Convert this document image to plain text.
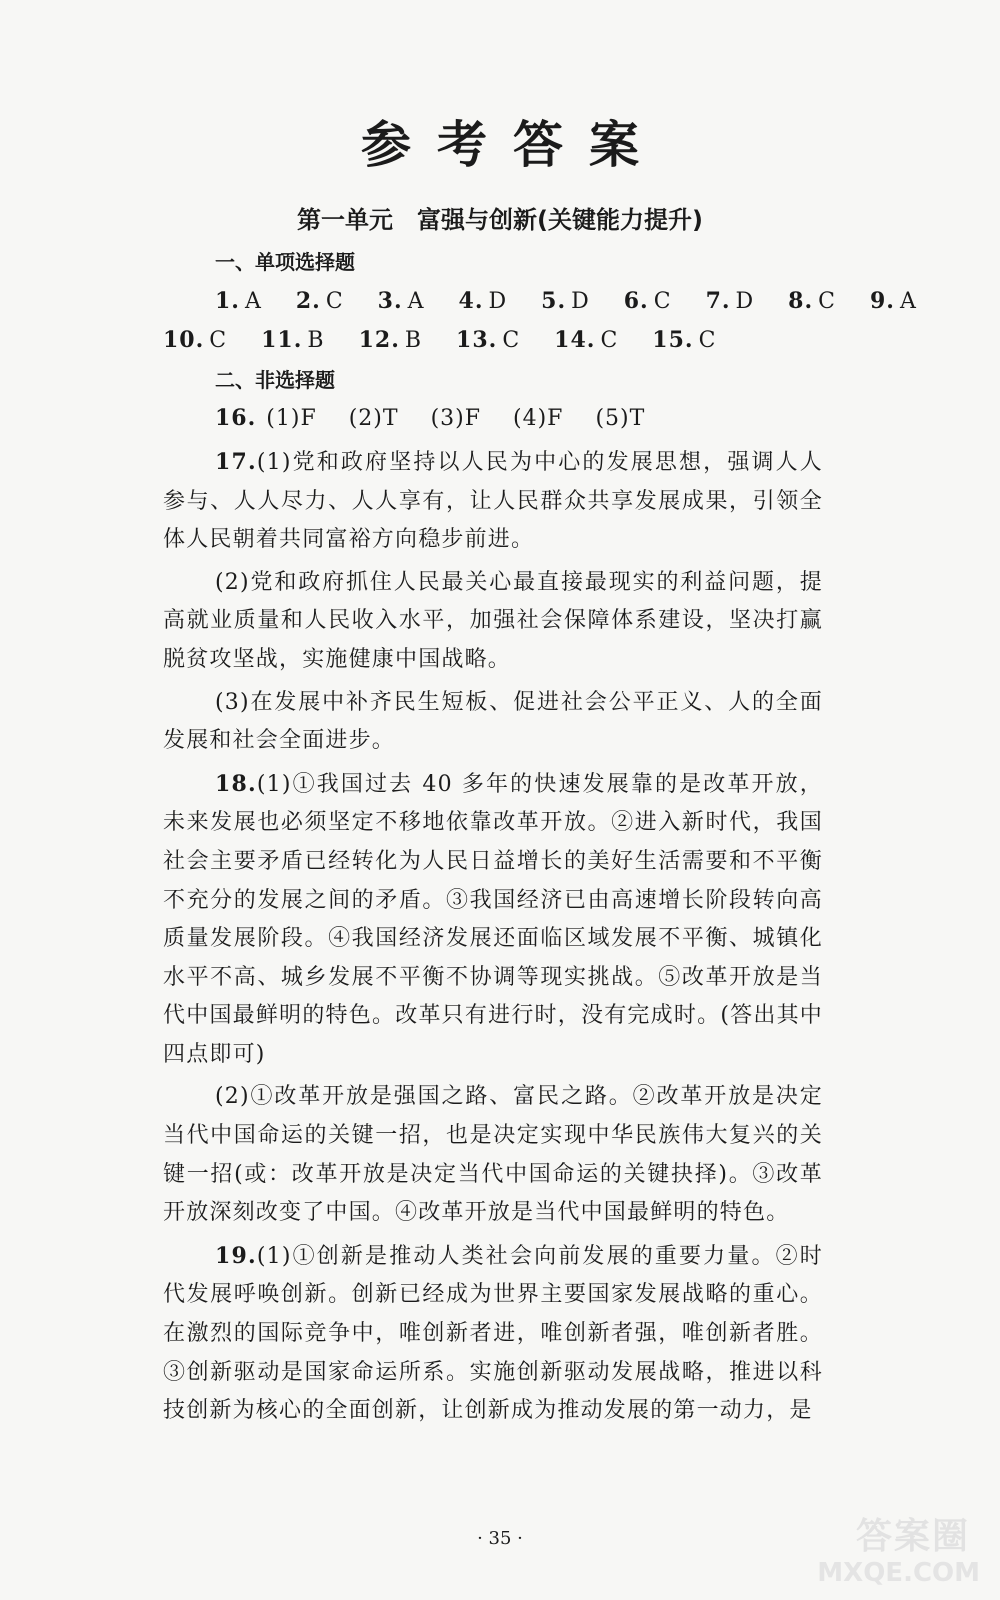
参考答案
第一单元　富强与创新(关键能力提升)
一、单项选择题
1. A 2. C 3. A 4. D 5. D 6. C 7. D 8. C 9. A
10. C 11. B 12. B 13. C 14. C 15. C
二、非选择题
16. (1)F (2)T (3)F (4)F (5)T
17.(1)党和政府坚持以人民为中心的发展思想，强调人人参与、人人尽力、人人享有，让人民群众共享发展成果，引领全体人民朝着共同富裕方向稳步前进。
(2)党和政府抓住人民最关心最直接最现实的利益问题，提高就业质量和人民收入水平，加强社会保障体系建设，坚决打赢脱贫攻坚战，实施健康中国战略。
(3)在发展中补齐民生短板、促进社会公平正义、人的全面发展和社会全面进步。
18.(1)①我国过去 40 多年的快速发展靠的是改革开放，未来发展也必须坚定不移地依靠改革开放。②进入新时代，我国社会主要矛盾已经转化为人民日益增长的美好生活需要和不平衡不充分的发展之间的矛盾。③我国经济已由高速增长阶段转向高质量发展阶段。④我国经济发展还面临区域发展不平衡、城镇化水平不高、城乡发展不平衡不协调等现实挑战。⑤改革开放是当代中国最鲜明的特色。改革只有进行时，没有完成时。(答出其中四点即可)
(2)①改革开放是强国之路、富民之路。②改革开放是决定当代中国命运的关键一招，也是决定实现中华民族伟大复兴的关键一招(或：改革开放是决定当代中国命运的关键抉择)。③改革开放深刻改变了中国。④改革开放是当代中国最鲜明的特色。
19.(1)①创新是推动人类社会向前发展的重要力量。②时代发展呼唤创新。创新已经成为世界主要国家发展战略的重心。在激烈的国际竞争中，唯创新者进，唯创新者强，唯创新者胜。③创新驱动是国家命运所系。实施创新驱动发展战略，推进以科技创新为核心的全面创新，让创新成为推动发展的第一动力，是
· 35 ·	答案圈
MXQE.COM
